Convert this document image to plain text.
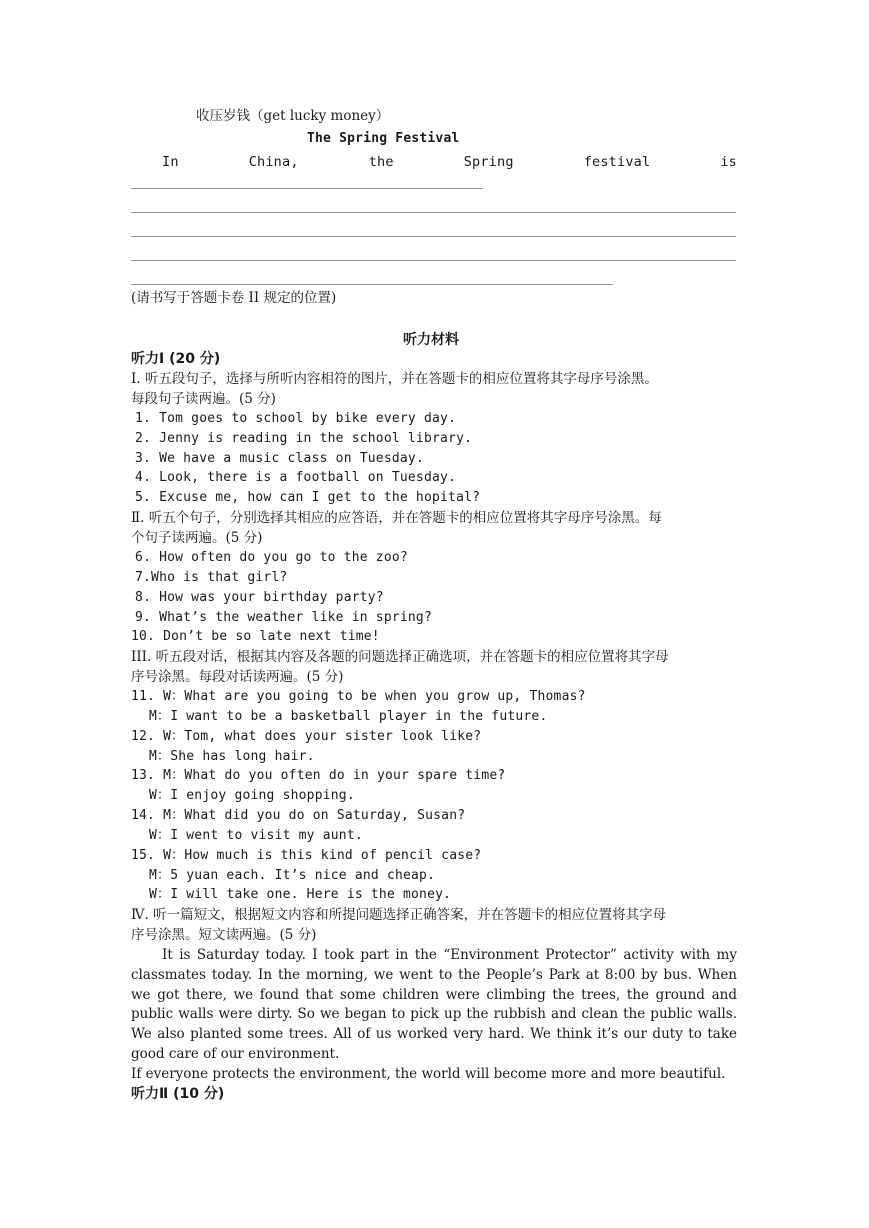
收压岁钱（get lucky money）
The Spring Festival
In	China,	the	Spring	festival	is
(请书写于答题卡卷 II 规定的位置)
听力材料
听力Ⅰ (20 分)
Ⅰ. 听五段句子，选择与所听内容相符的图片，并在答题卡的相应位置将其字母序号涂黑。
每段句子读两遍。(5 分)
1. Tom goes to school by bike every day.
2. Jenny is reading in the school library.
3. We have a music class on Tuesday.
4. Look, there is a football on Tuesday.
5. Excuse me, how can I get to the hopital?
Ⅱ. 听五个句子，分别选择其相应的应答语，并在答题卡的相应位置将其字母序号涂黑。每
个句子读两遍。(5 分)
6. How often do you go to the zoo?
7.Who is that girl?
8. How was your birthday party?
9. What’s the weather like in spring?
10. Don’t be so late next time!
III. 听五段对话，根据其内容及各题的问题选择正确选项，并在答题卡的相应位置将其字母
序号涂黑。每段对话读两遍。(5 分)
11. W：What are you going to be when you grow up, Thomas?
M：I want to be a basketball player in the future.
12. W：Tom, what does your sister look like?
M：She has long hair.
13. M：What do you often do in your spare time?
W：I enjoy going shopping.
14. M：What did you do on Saturday, Susan?
W：I went to visit my aunt.
15. W：How much is this kind of pencil case?
M：5 yuan each. It’s nice and cheap.
W：I will take one. Here is the money.
Ⅳ. 听一篇短文，根据短文内容和所提问题选择正确答案，并在答题卡的相应位置将其字母
序号涂黑。短文读两遍。(5 分)

It is Saturday today. I took part in the “Environment Protector” activity with my classmates today. In the morning, we went to the People’s Park at 8:00 by bus. When we got there, we found that some children were climbing the trees, the ground and public walls were dirty. So we began to pick up the rubbish and clean the public walls. We also planted some trees. All of us worked very hard. We think it’s our duty to take good care of our environment.

If everyone protects the environment, the world will become more and more beautiful.

听力Ⅱ (10 分)
